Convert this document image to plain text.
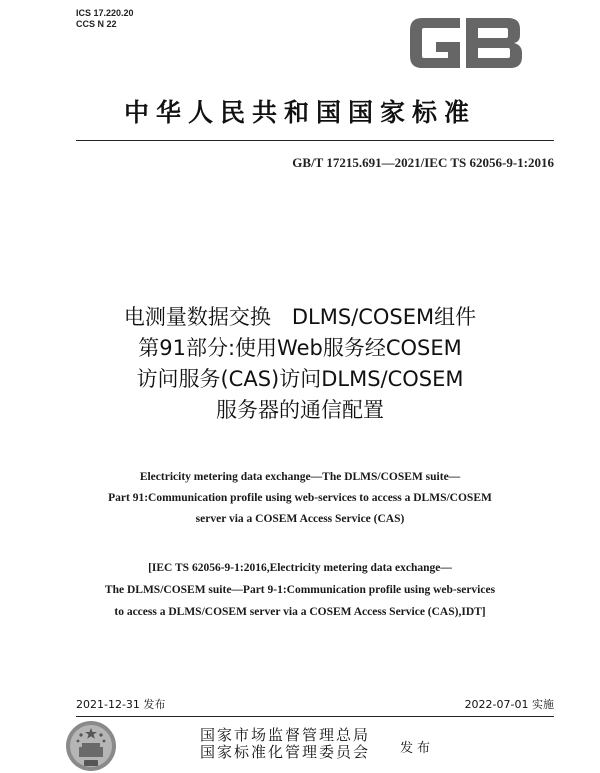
ICS 17.220.20
CCS N 22
GB
中华人民共和国国家标准
GB/T 17215.691—2021/IEC TS 62056-9-1:2016
电测量数据交换　DLMS/COSEM组件
第91部分:使用Web服务经COSEM
访问服务(CAS)访问DLMS/COSEM
服务器的通信配置
Electricity metering data exchange—The DLMS/COSEM suite—
Part 91:Communication profile using web-services to access a DLMS/COSEM
server via a COSEM Access Service (CAS)
[IEC TS 62056-9-1:2016,Electricity metering data exchange—
The DLMS/COSEM suite—Part 9-1:Communication profile using web-services
to access a DLMS/COSEM server via a COSEM Access Service (CAS),IDT]
2021-12-31 发布	2022-07-01 实施
国家市场监督管理总局
国家标准化管理委员会 发布
